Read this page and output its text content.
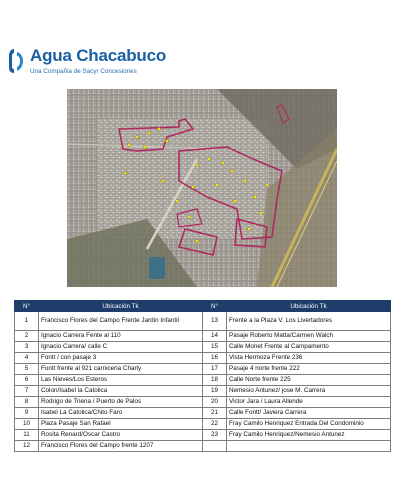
Agua Chacabuco
Una Compañia de Sacyr Concesiones
N°	Ubicación Tk	N°	Ubicación Tk
1	Francisco Flores del Campo Frente Jardin Infantil	13	Frente a la Plaza V. Los Livertadores
2	Ignacio Carrera Fente al 110	14	Pasaje Roberto Matta/Carmen Walch
3	Ignacio Carrera/ calle C	15	Calle Monet Frente al Campamento
4	Fontt / con pasaje 3	16	Vista Hermoza Frente 236
5	Fontt frente al 921 carniceria Charly	17	Pasaje 4 norte frente 222
6	Las Nieves/Los Esteros	18	Calle Norte frente 225
7	Colon/Isabel la Catolica	19	Nemesio Antunez/ jose M. Carrera
8	Rodrigo de Triena / Puerto de Palos	20	Victor Jara / Laura Allende
9	Isabel La Catolica/Chito Faro	21	Calle Fontt/ Javiera Carrera
10	Plaza Pasaje San Rafael	22	Fray Camilo Henriquez Entrada Del Condominio
11	Rosita Renard/Oscar Castro	23	Fray Camilo Henriquez/Nemesio Antunez
12	Francisco Flores del Campo frente 1207		
